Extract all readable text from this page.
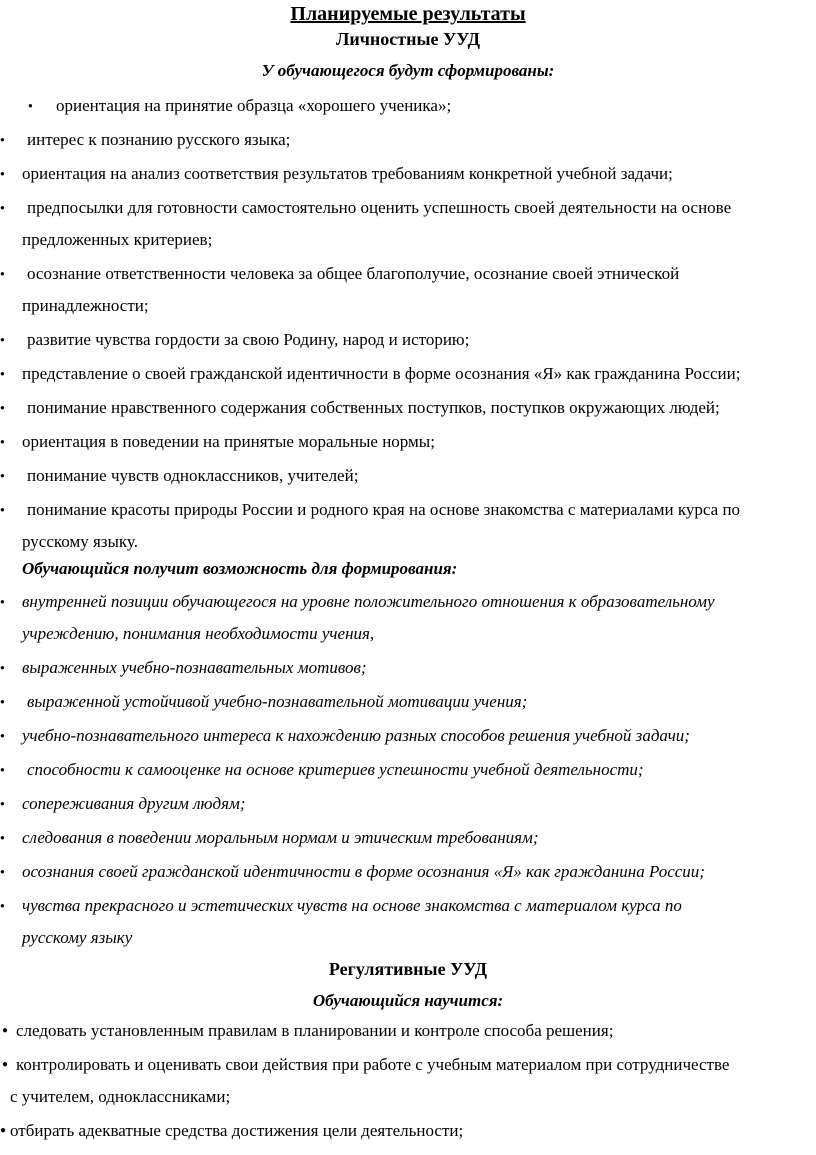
Планируемые результаты
Личностные УУД
У обучающегося будут сформированы:
● ориентация на принятие образца «хорошего ученика»;
● интерес к познанию русского языка;
● ориентация на анализ соответствия результатов требованиям конкретной учебной задачи;
● предпосылки для готовности самостоятельно оценить успешность своей деятельности на основе
предложенных критериев;
● осознание ответственности человека за общее благополучие, осознание своей этнической
принадлежности;
● развитие чувства гордости за свою Родину, народ и историю;
● представление о своей гражданской идентичности в форме осознания «Я» как гражданина России;
● понимание нравственного содержания собственных поступков, поступков окружающих людей;
● ориентация в поведении на принятые моральные нормы;
● понимание чувств одноклассников, учителей;
● понимание красоты природы России и родного края на основе знакомства с материалами курса по
русскому языку.
Обучающийся получит возможность для формирования:
● внутренней позиции обучающегося на уровне положительного отношения к образовательному
учреждению, понимания необходимости учения,
● выраженных учебно-познавательных мотивов;
● выраженной устойчивой учебно-познавательной мотивации учения;
● учебно-познавательного интереса к нахождению разных способов решения учебной задачи;
● способности к самооценке на основе критериев успешности учебной деятельности;
● сопереживания другим людям;
● следования в поведении моральным нормам и этическим требованиям;
● осознания своей гражданской идентичности в форме осознания «Я» как гражданина России;
● чувства прекрасного и эстетических чувств на основе знакомства с материалом курса по
русскому языку
Регулятивные УУД
Обучающийся научится:
● следовать установленным правилам в планировании и контроле способа решения;
● контролировать и оценивать свои действия при работе с учебным материалом при сотрудничестве
с учителем, одноклассниками;
● отбирать адекватные средства достижения цели деятельности;
